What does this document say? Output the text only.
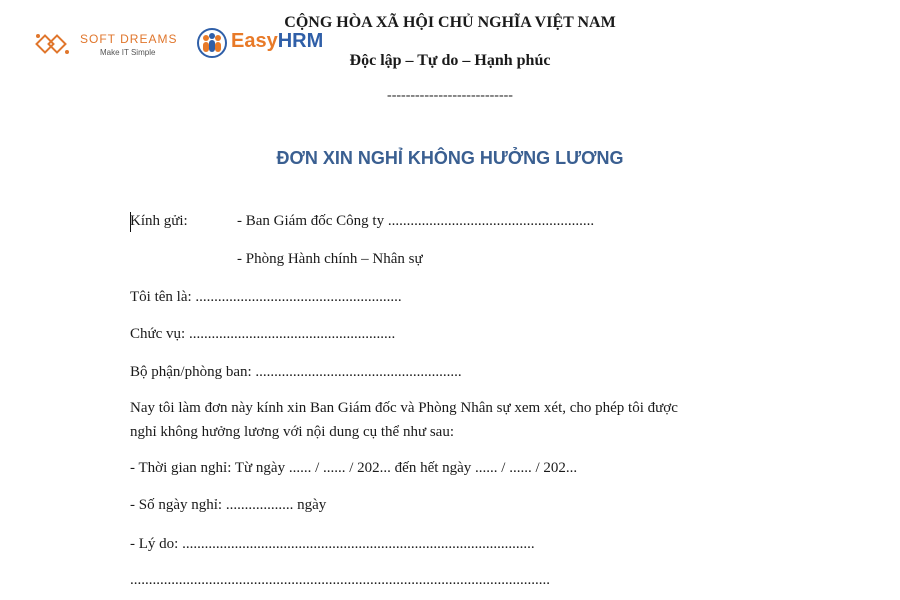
SOFT DREAMS
Make IT Simple
EasyHRM
CỘNG HÒA XÃ HỘI CHỦ NGHĨA VIỆT NAM
Độc lập – Tự do – Hạnh phúc
---------------------------
ĐƠN XIN NGHỈ KHÔNG HƯỞNG LƯƠNG
Kính gửi:	- Ban Giám đốc Công ty .......................................................
- Phòng Hành chính – Nhân sự
Tôi tên là: .......................................................
Chức vụ: .......................................................
Bộ phận/phòng ban: .......................................................
Nay tôi làm đơn này kính xin Ban Giám đốc và Phòng Nhân sự xem xét, cho phép tôi được
nghỉ không hưởng lương với nội dung cụ thể như sau:
- Thời gian nghỉ: Từ ngày ...... / ...... / 202... đến hết ngày ...... / ...... / 202...
- Số ngày nghỉ: .................. ngày
- Lý do: ..............................................................................................
................................................................................................................
